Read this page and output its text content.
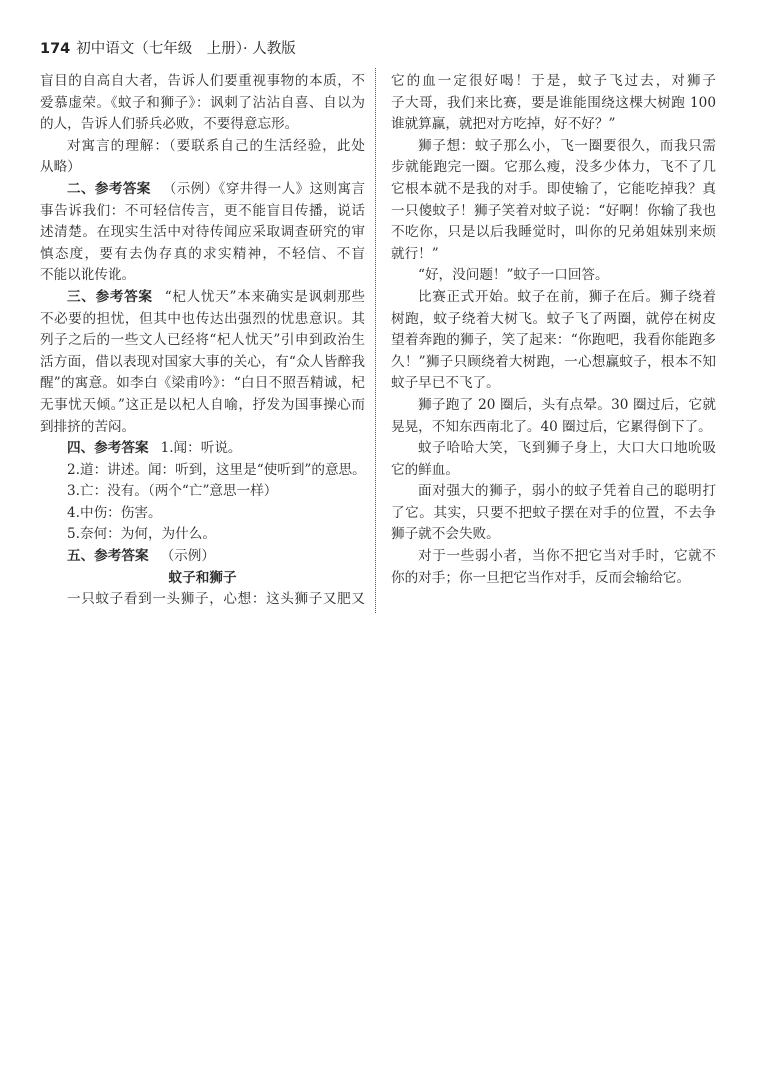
174 初中语文（七年级　上册）· 人教版
盲目的自高自大者，告诉人们要重视事物的本质，不
爱慕虚荣。《蚊子和狮子》：讽刺了沾沾自喜、自以为
的人，告诉人们骄兵必败，不要得意忘形。
对寓言的理解：（要联系自己的生活经验，此处
从略）
二、参考答案 （示例）《穿井得一人》这则寓言
事告诉我们：不可轻信传言，更不能盲目传播，说话
述清楚。在现实生活中对待传闻应采取调查研究的审
慎态度，要有去伪存真的求实精神，不轻信、不盲
不能以讹传讹。
三、参考答案 “杞人忧天”本来确实是讽刺那些
不必要的担忧，但其中也传达出强烈的忧患意识。其
列子之后的一些文人已经将“杞人忧天”引申到政治生
活方面，借以表现对国家大事的关心，有“众人皆醉我
醒”的寓意。如李白《梁甫吟》：“白日不照吾精诚，杞
无事忧天倾。”这正是以杞人自喻，抒发为国事操心而
到排挤的苦闷。
四、参考答案 1.闻：听说。
2.道：讲述。闻：听到，这里是“使听到”的意思。
3.亡：没有。（两个“亡”意思一样）
4.中伤：伤害。
5.奈何：为何，为什么。
五、参考答案 （示例）
蚊子和狮子
一只蚊子看到一头狮子，心想：这头狮子又肥又
它的血一定很好喝！于是，蚊子飞过去，对狮子
子大哥，我们来比赛，要是谁能围绕这棵大树跑 100
谁就算赢，就把对方吃掉，好不好？”
狮子想：蚊子那么小，飞一圈要很久，而我只需
步就能跑完一圈。它那么瘦，没多少体力，飞不了几
它根本就不是我的对手。即使输了，它能吃掉我？真
一只傻蚊子！狮子笑着对蚊子说：“好啊！你输了我也
不吃你，只是以后我睡觉时，叫你的兄弟姐妹别来烦
就行！”
“好，没问题！”蚊子一口回答。
比赛正式开始。蚊子在前，狮子在后。狮子绕着
树跑，蚊子绕着大树飞。蚊子飞了两圈，就停在树皮
望着奔跑的狮子，笑了起来：“你跑吧，我看你能跑多
久！”狮子只顾绕着大树跑，一心想赢蚊子，根本不知
蚊子早已不飞了。
狮子跑了 20 圈后，头有点晕。30 圈过后，它就
晃晃，不知东西南北了。40 圈过后，它累得倒下了。
蚊子哈哈大笑，飞到狮子身上，大口大口地吮吸
它的鲜血。
面对强大的狮子，弱小的蚊子凭着自己的聪明打
了它。其实，只要不把蚊子摆在对手的位置，不去争
狮子就不会失败。
对于一些弱小者，当你不把它当对手时，它就不
你的对手；你一旦把它当作对手，反而会输给它。
